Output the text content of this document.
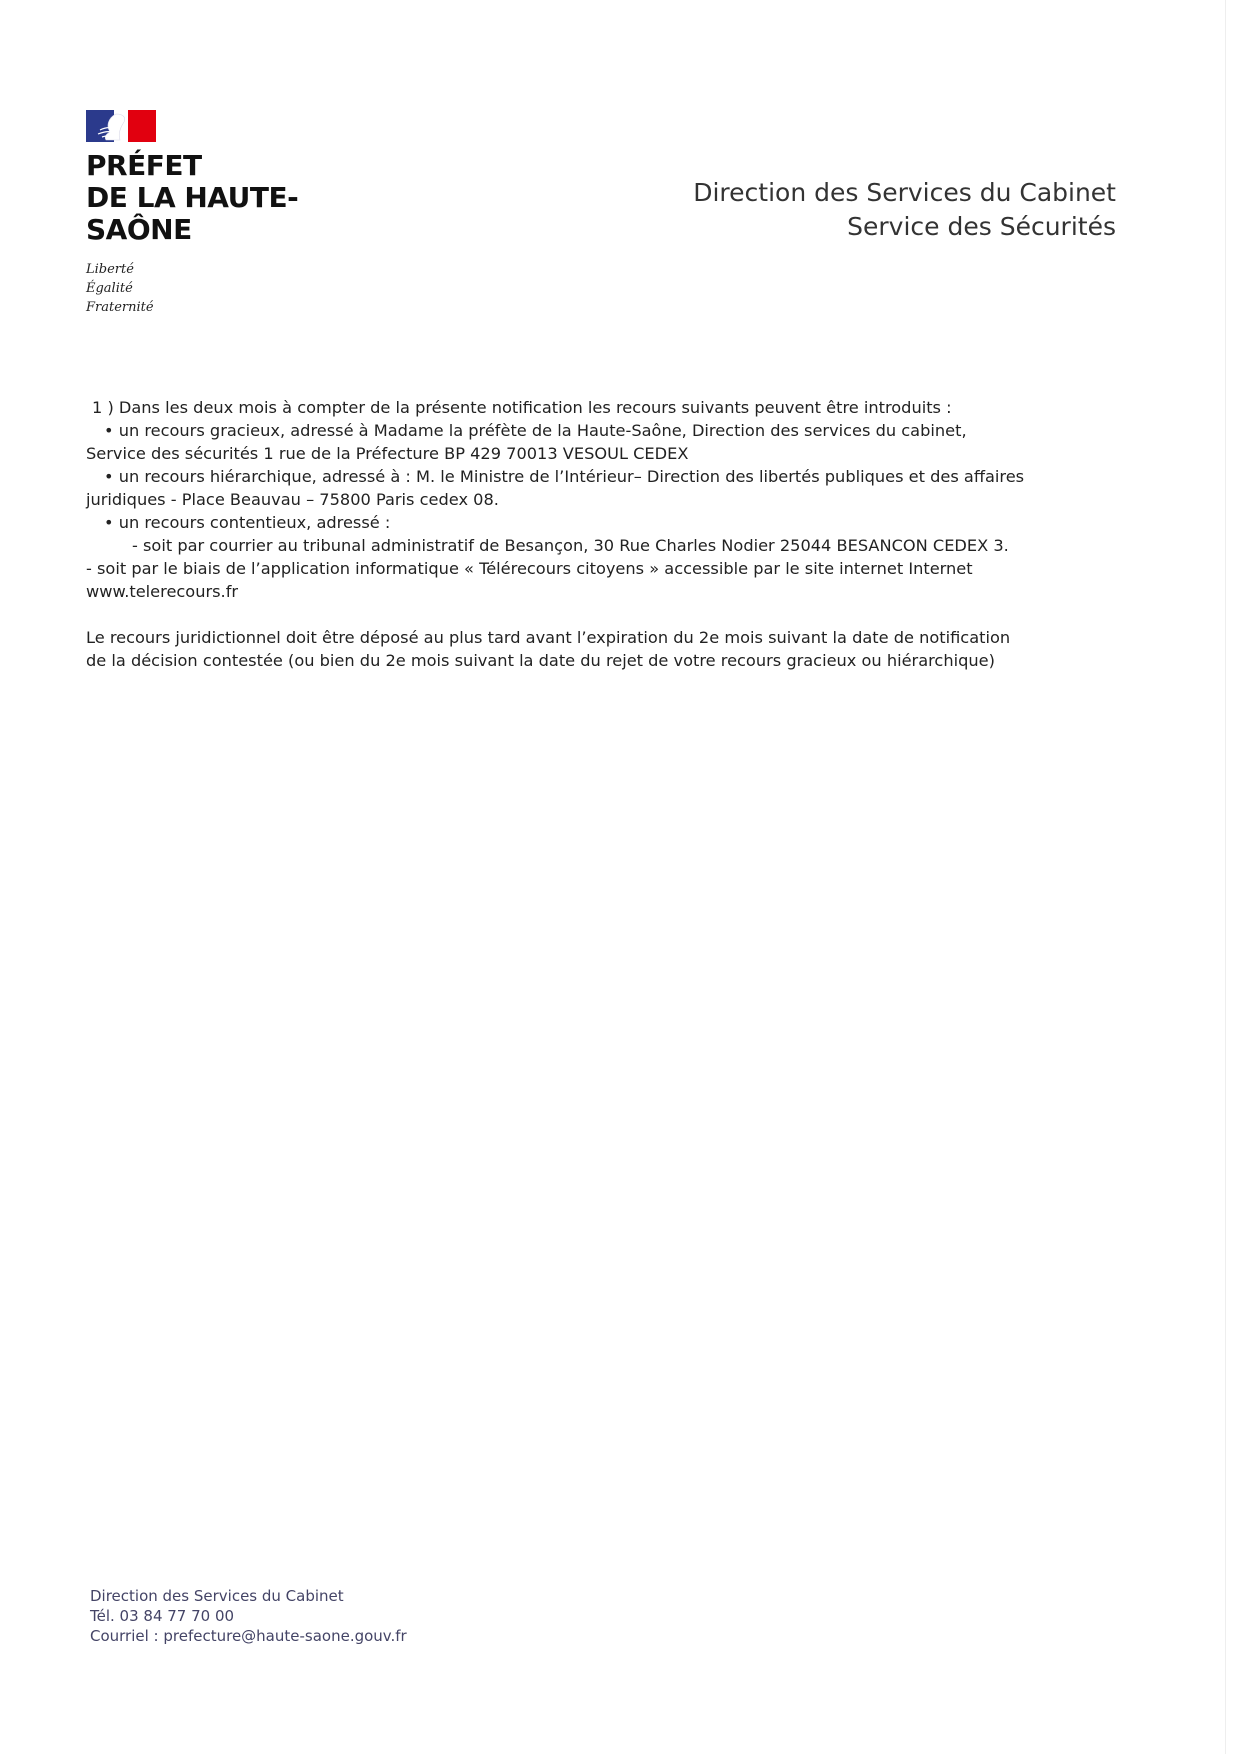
PRÉFET
DE LA HAUTE-
SAÔNE
Liberté
Égalité
Fraternité
Direction des Services du Cabinet
Service des Sécurités

1 ) Dans les deux mois à compter de la présente notification les recours suivants peuvent être introduits :

• un recours gracieux, adressé à Madame la préfète de la Haute-Saône, Direction des services du cabinet,

Service des sécurités 1 rue de la Préfecture BP 429 70013 VESOUL CEDEX

• un recours hiérarchique, adressé à : M. le Ministre de l’Intérieur– Direction des libertés publiques et des affaires

juridiques - Place Beauvau – 75800 Paris cedex 08.

• un recours contentieux, adressé :

- soit par courrier au tribunal administratif de Besançon, 30 Rue Charles Nodier 25044 BESANCON CEDEX 3.

- soit par le biais de l’application informatique « Télérecours citoyens » accessible par le site internet Internet

www.telerecours.fr

Le recours juridictionnel doit être déposé au plus tard avant l’expiration du 2e mois suivant la date de notification

de la décision contestée (ou bien du 2e mois suivant la date du rejet de votre recours gracieux ou hiérarchique)

Direction des Services du Cabinet
Tél. 03 84 77 70 00
Courriel : prefecture@haute-saone.gouv.fr
